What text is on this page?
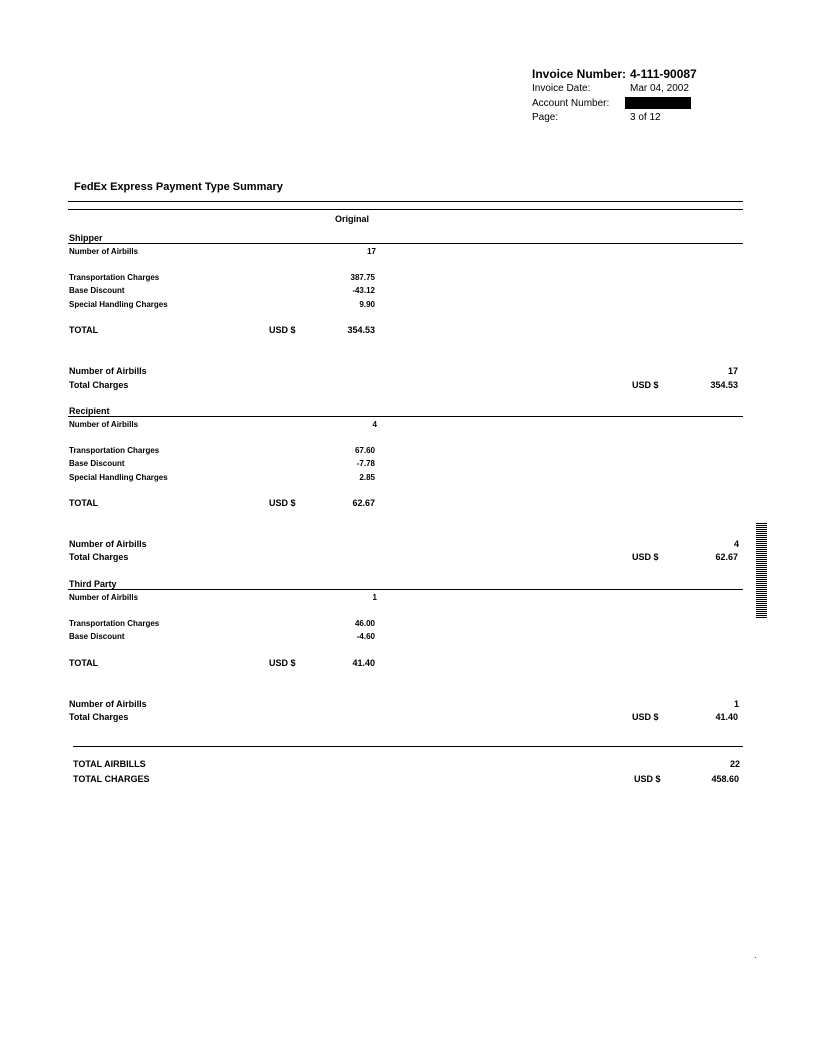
Invoice Number: 4-111-90087
Invoice Date:	Mar 04, 2002
Account Number:
Page:	3 of 12
FedEx Express Payment Type Summary
Original
Shipper
Number of Airbills	17
Transportation Charges	387.75
Base Discount	-43.12
Special Handling Charges	9.90
TOTAL	USD $	354.53
Number of Airbills	17
Total Charges	USD $	354.53
Recipient
Number of Airbills	4
Transportation Charges	67.60
Base Discount	-7.78
Special Handling Charges	2.85
TOTAL	USD $	62.67
Number of Airbills	4
Total Charges	USD $	62.67
Third Party
Number of Airbills	1
Transportation Charges	46.00
Base Discount	-4.60
TOTAL	USD $	41.40
Number of Airbills	1
Total Charges	USD $	41.40
TOTAL AIRBILLS	22
TOTAL CHARGES	USD $	458.60
.
